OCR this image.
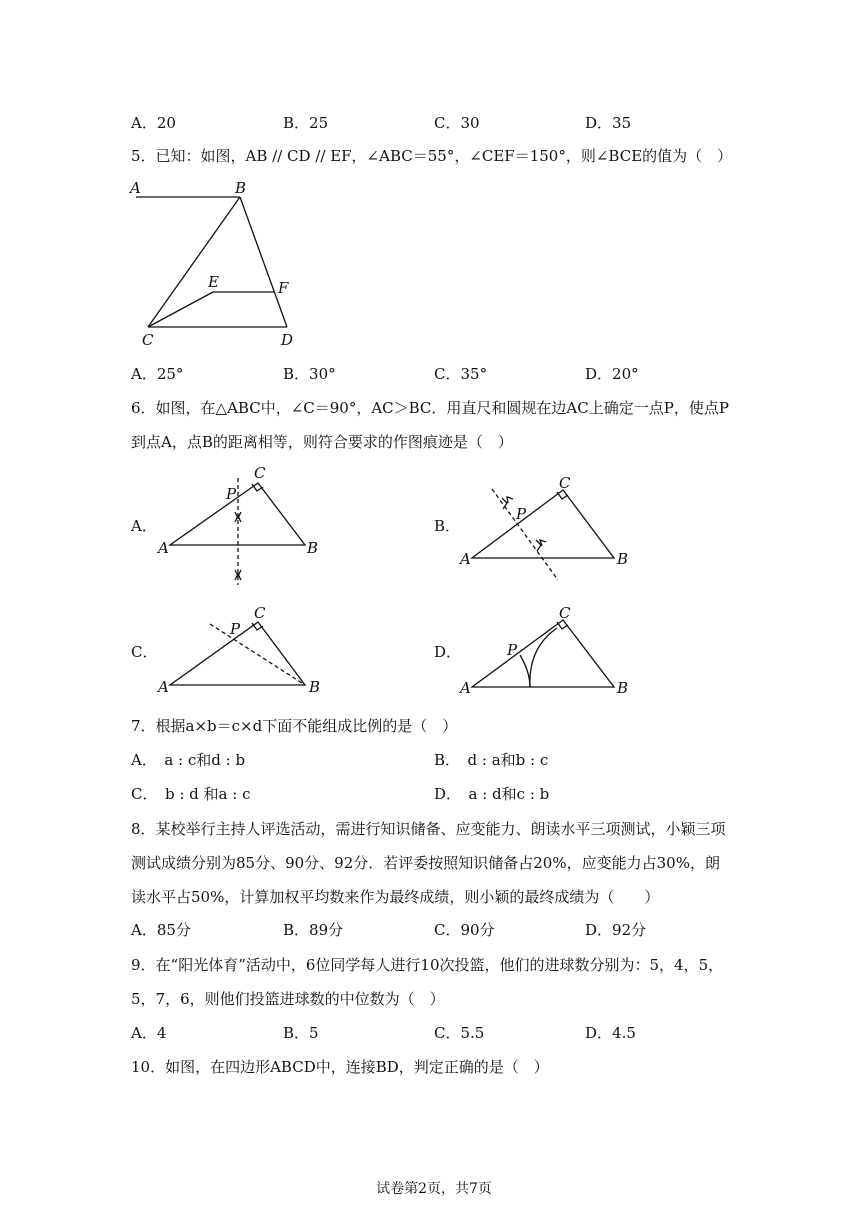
A．20	B．25	C．30	D．35
5．已知：如图，AB // CD // EF，∠ABC＝55°，∠CEF＝150°，则∠BCE的值为（　）
A	B
E	F
C	D
A．25°	B．30°	C．35°	D．20°
6．如图，在△ABC中，∠C＝90°，AC＞BC．用直尺和圆规在边AC上确定一点P，使点P
到点A，点B的距离相等，则符合要求的作图痕迹是（　）
A．	B．
C．	D．
C
P
A	B
C
P
A	B
C
P
A	B
C
P
A	B
7．根据a×b＝c×d下面不能组成比例的是（　）
A．　a : c和d : b	B．　d : a和b : c
C．　b : d 和a : c	D．　a : d和c : b
8．某校举行主持人评选活动，需进行知识储备、应变能力、朗读水平三项测试，小颖三项
测试成绩分别为85分、90分、92分．若评委按照知识储备占20%，应变能力占30%，朗
读水平占50%，计算加权平均数来作为最终成绩，则小颖的最终成绩为（　　）
A．85分	B．89分	C．90分	D．92分
9．在“阳光体育”活动中，6位同学每人进行10次投篮，他们的进球数分别为：5，4，5，
5，7，6，则他们投篮进球数的中位数为（　）
A．4	B．5	C．5.5	D．4.5
10．如图，在四边形ABCD中，连接BD，判定正确的是（　）
试卷第2页，共7页
